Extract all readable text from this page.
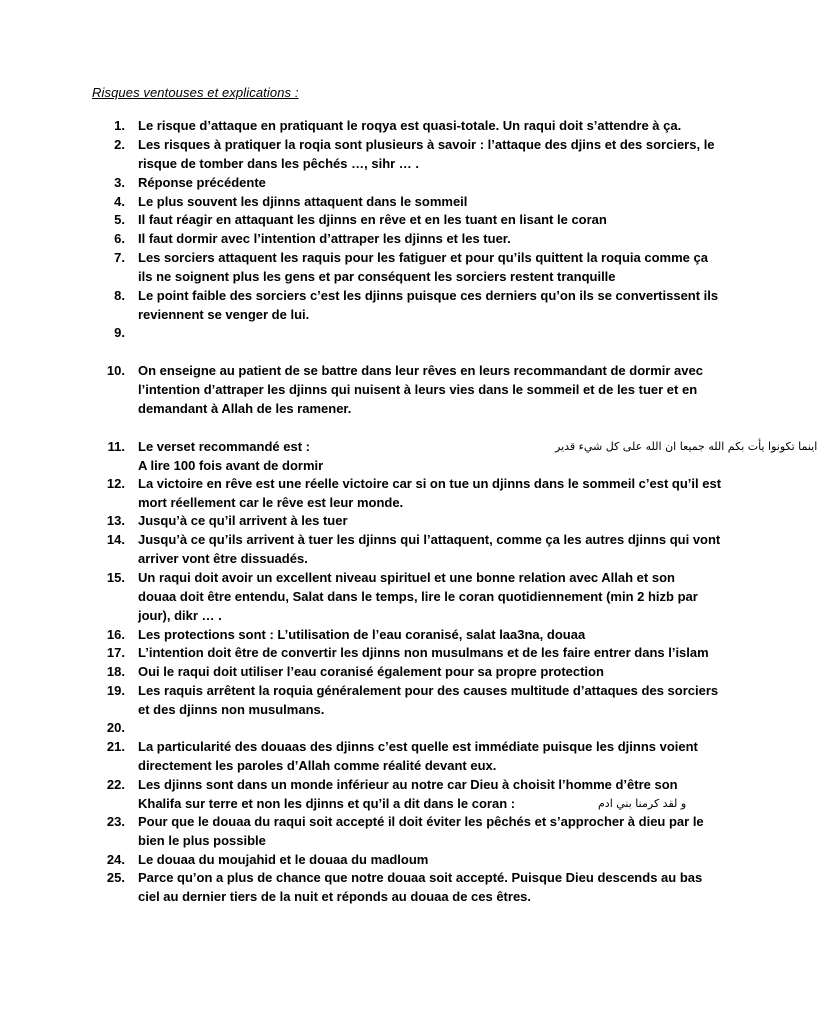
Risques ventouses et explications :
1. Le risque d’attaque en pratiquant le roqya est quasi-totale. Un raqui doit s’attendre à ça.
2. Les risques à pratiquer la roqia sont plusieurs à savoir : l’attaque des djins et des sorciers, le
risque de tomber dans les pêchés …, sihr … .
3. Réponse précédente
4. Le plus souvent les djinns attaquent dans le sommeil
5. Il faut réagir en attaquant les djinns en rêve et en les tuant en lisant le coran
6. Il faut dormir avec l’intention d’attraper les djinns et les tuer.
7. Les sorciers attaquent les raquis pour les fatiguer et pour qu’ils quittent la roquia comme ça
ils ne soignent plus les gens et par conséquent les sorciers restent tranquille
8. Le point faible des sorciers c’est les djinns puisque ces derniers qu’on ils se convertissent ils
reviennent se venger de lui.
9.
10. On enseigne au patient de se battre dans leur rêves en leurs recommandant de dormir avec
l’intention d’attraper les djinns qui nuisent à leurs vies dans le sommeil et de les tuer et en
demandant à Allah de les ramener.
11. Le verset recommandé est :
A lire 100 fois avant de dormir
اينما تكونوا يأت بكم الله جميعا ان الله على كل شيء قدير
12. La victoire en rêve est une réelle victoire car si on tue un djinns dans le sommeil c’est qu’il est
mort réellement car le rêve est leur monde.
13. Jusqu’à ce qu’il arrivent à les tuer
14. Jusqu’à ce qu’ils arrivent à tuer les djinns qui l’attaquent, comme ça les autres djinns qui vont
arriver vont être dissuadés.
15. Un raqui doit avoir un excellent niveau spirituel et une bonne relation avec Allah et son
douaa doit être entendu, Salat dans le temps, lire le coran quotidiennement (min 2 hizb par
jour), dikr … .
16. Les protections sont : L’utilisation de l’eau coranisé, salat laa3na, douaa
17. L’intention doit être de convertir les djinns non musulmans et de les faire entrer dans l’islam
18. Oui le raqui doit utiliser l’eau coranisé également pour sa propre protection
19. Les raquis arrêtent la roquia généralement pour des causes multitude d’attaques des sorciers
et des djinns non musulmans.
20.
21. La particularité des douaas des djinns c’est quelle est immédiate puisque les djinns voient
directement les paroles d’Allah comme réalité devant eux.
22. Les djinns sont dans un monde inférieur au notre car Dieu à choisit l’homme d’être son
Khalifa sur terre et non les djinns et qu’il a dit dans le coran :	و لقد كرمنا بني ادم
23. Pour que le douaa du raqui soit accepté il doit éviter les pêchés et s’approcher à dieu par le
bien le plus possible
24. Le douaa du moujahid et le douaa du madloum
25. Parce qu’on a plus de chance que notre douaa soit accepté. Puisque Dieu descends au bas
ciel au dernier tiers de la nuit et réponds au douaa de ces êtres.
